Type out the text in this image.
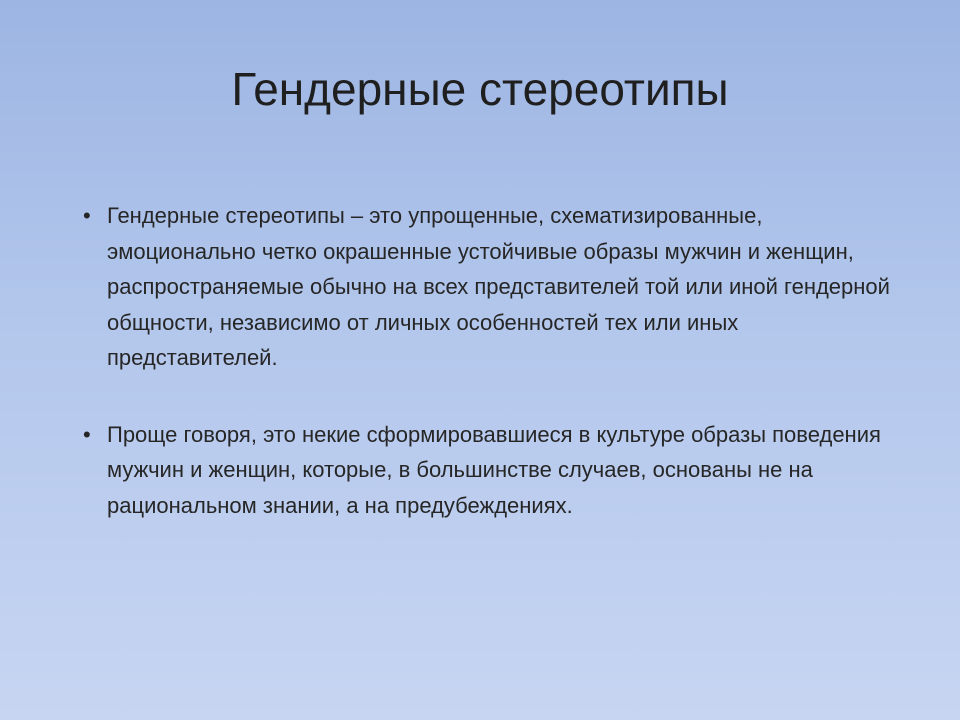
Гендерные стереотипы
• Гендерные стереотипы – это упрощенные, схематизированные, эмоционально четко окрашенные устойчивые образы мужчин и женщин, распространяемые обычно на всех представителей той или иной гендерной общности, независимо от личных особенностей тех или иных представителей.
• Проще говоря, это некие сформировавшиеся в культуре образы поведения мужчин и женщин, которые, в большинстве случаев, основаны не на рациональном знании, а на предубеждениях.
